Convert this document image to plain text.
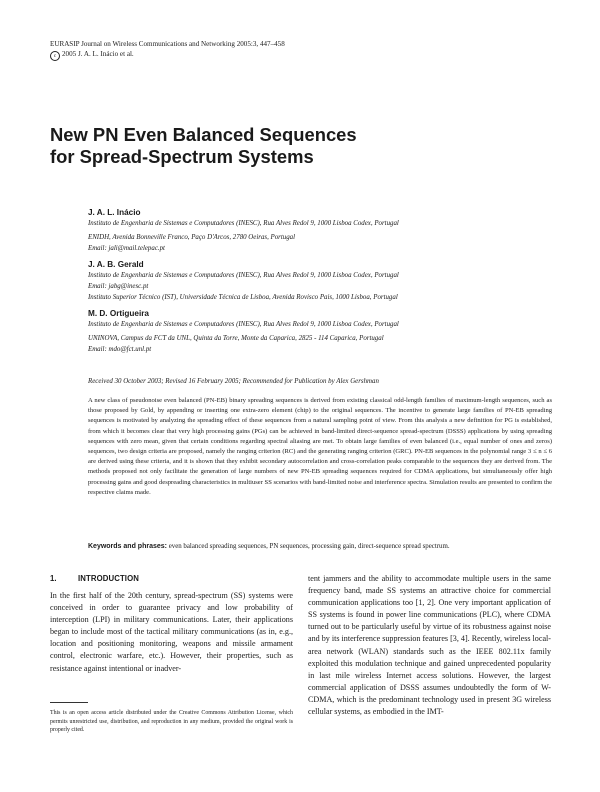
EURASIP Journal on Wireless Communications and Networking 2005:3, 447–458
c 2005 J. A. L. Inácio et al.
New PN Even Balanced Sequences
for Spread-Spectrum Systems
J. A. L. Inácio
Instituto de Engenharia de Sistemas e Computadores (INESC), Rua Alves Redol 9, 1000 Lisboa Codex, Portugal
ENIDH, Avenida Bonneville Franco, Paço D'Arcos, 2780 Oeiras, Portugal
Email: jali@mail.telepac.pt
J. A. B. Gerald
Instituto de Engenharia de Sistemas e Computadores (INESC), Rua Alves Redol 9, 1000 Lisboa Codex, Portugal
Email: jabg@inesc.pt
Instituto Superior Técnico (IST), Universidade Técnica de Lisboa, Avenida Rovisco Pais, 1000 Lisboa, Portugal
M. D. Ortigueira
Instituto de Engenharia de Sistemas e Computadores (INESC), Rua Alves Redol 9, 1000 Lisboa Codex, Portugal
UNINOVA, Campus da FCT da UNL, Quinta da Torre, Monte da Caparica, 2825 - 114 Caparica, Portugal
Email: mdo@fct.unl.pt
Received 30 October 2003; Revised 16 February 2005; Recommended for Publication by Alex Gershman
A new class of pseudonoise even balanced (PN-EB) binary spreading sequences is derived from existing classical odd-length families of maximum-length sequences, such as those proposed by Gold, by appending or inserting one extra-zero element (chip) to the original sequences. The incentive to generate large families of PN-EB spreading sequences is motivated by analyzing the spreading effect of these sequences from a natural sampling point of view. From this analysis a new definition for PG is established, from which it becomes clear that very high processing gains (PGs) can be achieved in band-limited direct-sequence spread-spectrum (DSSS) applications by using spreading sequences with zero mean, given that certain conditions regarding spectral aliasing are met. To obtain large families of even balanced (i.e., equal number of ones and zeros) sequences, two design criteria are proposed, namely the ranging criterion (RC) and the generating ranging criterion (GRC). PN-EB sequences in the polynomial range 3 ≤ n ≤ 6 are derived using these criteria, and it is shown that they exhibit secondary autocorrelation and cross-correlation peaks comparable to the sequences they are derived from. The methods proposed not only facilitate the generation of large numbers of new PN-EB spreading sequences required for CDMA applications, but simultaneously offer high processing gains and good despreading characteristics in multiuser SS scenarios with band-limited noise and interference spectra. Simulation results are presented to confirm the respective claims made.
Keywords and phrases: even balanced spreading sequences, PN sequences, processing gain, direct-sequence spread spectrum.
1.	INTRODUCTION
In the first half of the 20th century, spread-spectrum (SS) systems were conceived in order to guarantee privacy and low probability of interception (LPI) in military communications. Later, their applications began to include most of the tactical military communications (as in, e.g., location and positioning monitoring, weapons and missile armament control, electronic warfare, etc.). However, their properties, such as resistance against intentional or inadver-
tent jammers and the ability to accommodate multiple users in the same frequency band, made SS systems an attractive choice for commercial communication applications too [1, 2]. One very important application of SS systems is found in power line communications (PLC), where CDMA turned out to be particularly useful by virtue of its robustness against noise and by its interference suppression features [3, 4]. Recently, wireless local-area network (WLAN) standards such as the IEEE 802.11x family exploited this modulation technique and gained unprecedented popularity in last mile wireless Internet access solutions. However, the largest commercial application of DSSS assumes undoubtedly the form of W-CDMA, which is the predominant technology used in present 3G wireless cellular systems, as embodied in the IMT-
This is an open access article distributed under the Creative Commons Attribution License, which permits unrestricted use, distribution, and reproduction in any medium, provided the original work is properly cited.
